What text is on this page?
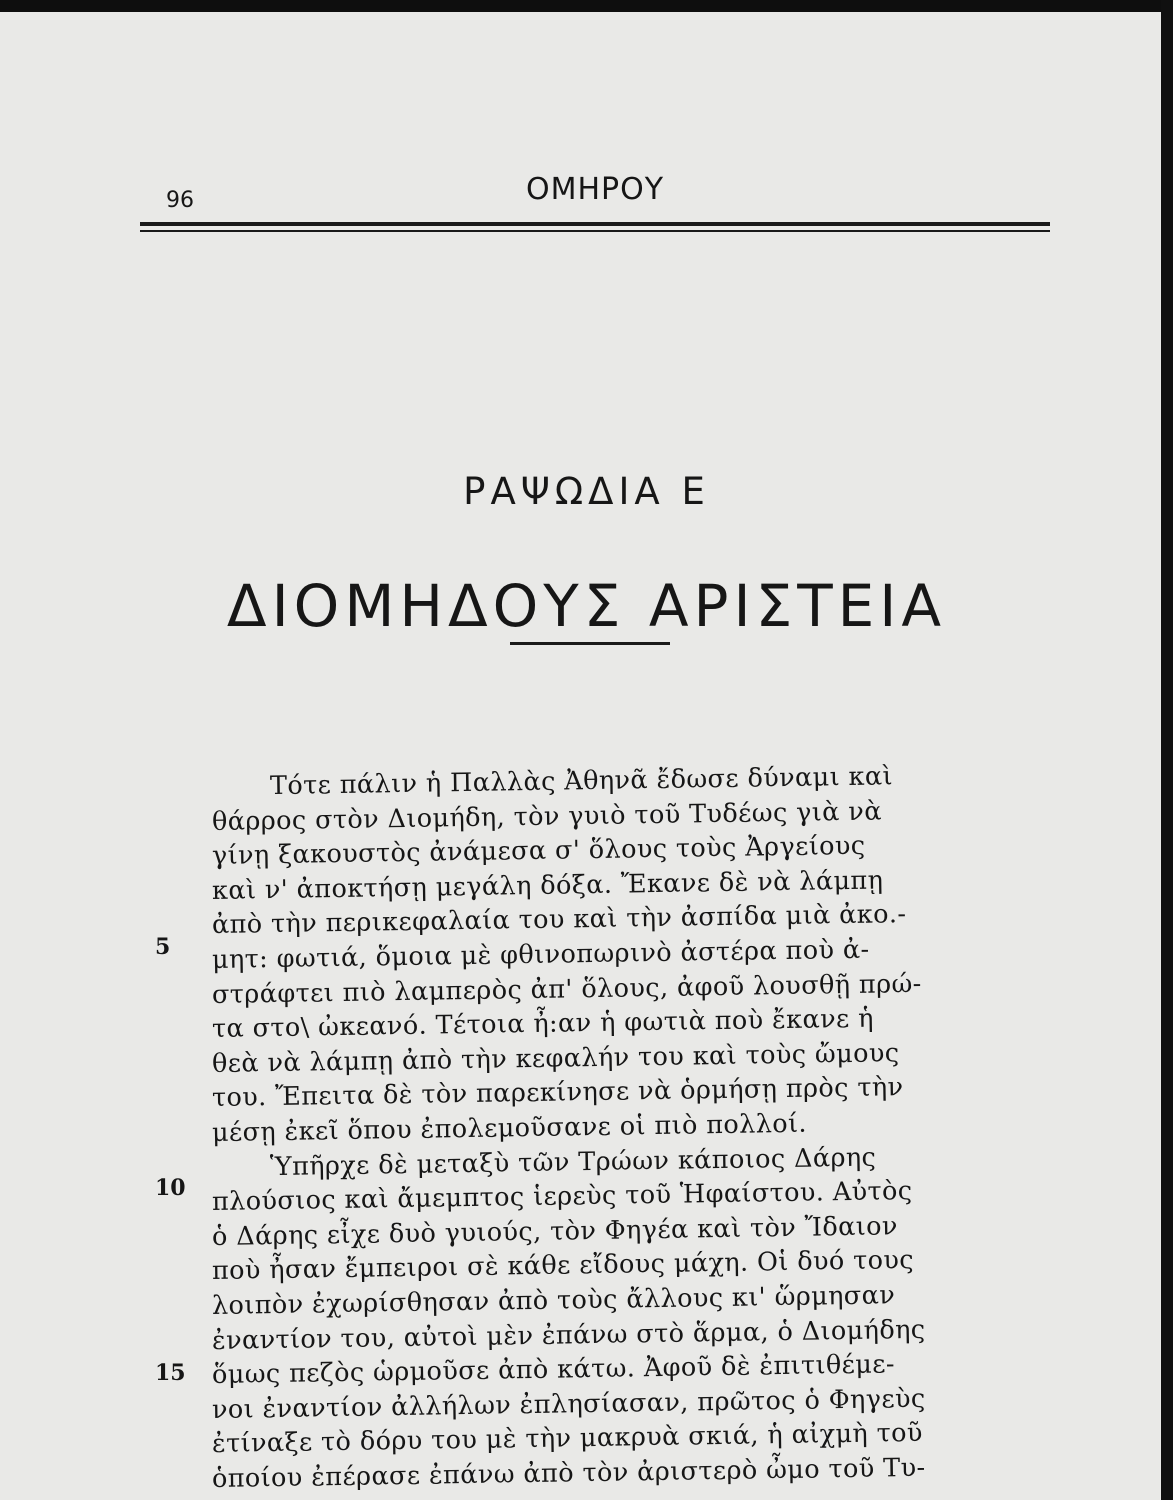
96	ΟΜΗΡΟΥ
ΡΑΨΩΔΙΑ Ε
ΔΙΟΜΗΔΟΥΣ ΑΡΙΣΤΕΙΑ
5
10
15
Τότε πάλιν ἡ Παλλὰς Ἀθηνᾶ ἔδωσε δύναμι καὶ
θάρρος στὸν Διομήδη, τὸν γυιὸ τοῦ Τυδέως γιὰ νὰ
γίνῃ ξακουστὸς ἀνάμεσα σ' ὅλους τοὺς Ἀργείους
καὶ ν' ἀποκτήσῃ μεγάλη δόξα. Ἔκανε δὲ νὰ λάμπῃ
ἀπὸ τὴν περικεφαλαία του καὶ τὴν ἀσπίδα μιὰ ἀκο.-
μητ: φωτιά, ὅμοια μὲ φθινοπωρινὸ ἀστέρα ποὺ ἀ-
στράφτει πιὸ λαμπερὸς ἀπ' ὅλους, ἀφοῦ λουσθῇ πρώ-
τα στο\ ὠκεανό. Τέτοια ἦ:αν ἡ φωτιὰ ποὺ ἔκανε ἡ
θεὰ νὰ λάμπῃ ἀπὸ τὴν κεφαλήν του καὶ τοὺς ὤμους
του. Ἔπειτα δὲ τὸν παρεκίνησε νὰ ὁρμήσῃ πρὸς τὴν
μέσῃ ἐκεῖ ὅπου ἐπολεμοῦσανε οἱ πιὸ πολλοί.
Ὑπῆρχε δὲ μεταξὺ τῶν Τρώων κάποιος Δάρης
πλούσιος καὶ ἄμεμπτος ἱερεὺς τοῦ Ἡφαίστου. Αὐτὸς
ὁ Δάρης εἶχε δυὸ γυιούς, τὸν Φηγέα καὶ τὸν Ἴδαιον
ποὺ ἦσαν ἔμπειροι σὲ κάθε εἴδους μάχη. Οἱ δυό τους
λοιπὸν ἐχωρίσθησαν ἀπὸ τοὺς ἄλλους κι' ὥρμησαν
ἐναντίον του, αὐτοὶ μὲν ἐπάνω στὸ ἅρμα, ὁ Διομήδης
ὅμως πεζὸς ὡρμοῦσε ἀπὸ κάτω. Ἀφοῦ δὲ ἐπιτιθέμε-
νοι ἐναντίον ἀλλήλων ἐπλησίασαν, πρῶτος ὁ Φηγεὺς
ἐτίναξε τὸ δόρυ του μὲ τὴν μακρυὰ σκιά, ἡ αἰχμὴ τοῦ
ὁποίου ἐπέρασε ἐπάνω ἀπὸ τὸν ἀριστερὸ ὦμο τοῦ Τυ-
